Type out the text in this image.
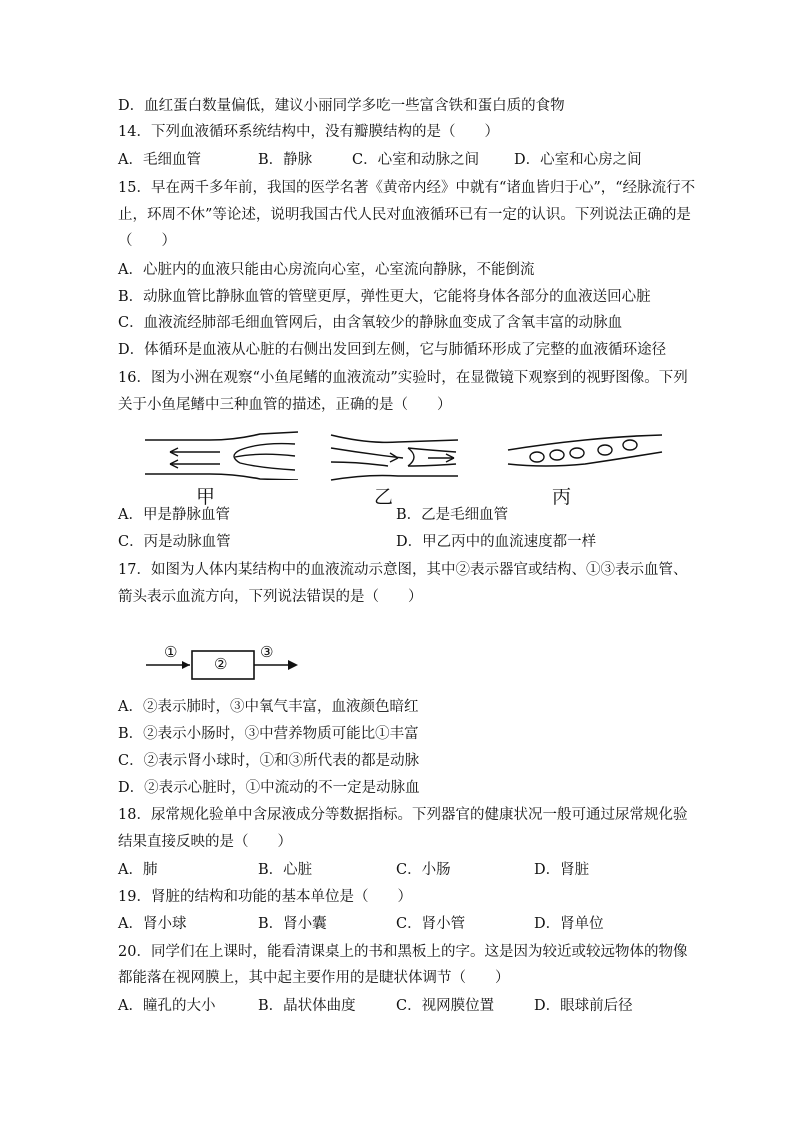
D．血红蛋白数量偏低，建议小丽同学多吃一些富含铁和蛋白质的食物
14．下列血液循环系统结构中，没有瓣膜结构的是（　　）
A．毛细血管	B．静脉	C．心室和动脉之间 D．心室和心房之间
15．早在两千多年前，我国的医学名著《黄帝内经》中就有“诸血皆归于心”，“经脉流行不
止，环周不休”等论述，说明我国古代人民对血液循环已有一定的认识。下列说法正确的是
（　　）
A．心脏内的血液只能由心房流向心室，心室流向静脉，不能倒流
B．动脉血管比静脉血管的管壁更厚，弹性更大，它能将身体各部分的血液送回心脏
C．血液流经肺部毛细血管网后，由含氧较少的静脉血变成了含氧丰富的动脉血
D．体循环是血液从心脏的右侧出发回到左侧，它与肺循环形成了完整的血液循环途径
16．图为小洲在观察“小鱼尾鳍的血液流动”实验时，在显微镜下观察到的视野图像。下列
关于小鱼尾鳍中三种血管的描述，正确的是（　　）
甲	乙	丙
A．甲是静脉血管	B．乙是毛细血管
C．丙是动脉血管	D．甲乙丙中的血流速度都一样
17．如图为人体内某结构中的血液流动示意图，其中②表示器官或结构、①③表示血管、
箭头表示血流方向，下列说法错误的是（　　）
①
②
③
A．②表示肺时，③中氧气丰富，血液颜色暗红
B．②表示小肠时，③中营养物质可能比①丰富
C．②表示肾小球时，①和③所代表的都是动脉
D．②表示心脏时，①中流动的不一定是动脉血
18．尿常规化验单中含尿液成分等数据指标。下列器官的健康状况一般可通过尿常规化验
结果直接反映的是（　　）
A．肺	B．心脏	C．小肠	D．肾脏
19．肾脏的结构和功能的基本单位是（　　）
A．肾小球	B．肾小囊	C．肾小管	D．肾单位
20．同学们在上课时，能看清课桌上的书和黑板上的字。这是因为较近或较远物体的物像
都能落在视网膜上，其中起主要作用的是睫状体调节（　　）
A．瞳孔的大小	B．晶状体曲度	C．视网膜位置	D．眼球前后径
